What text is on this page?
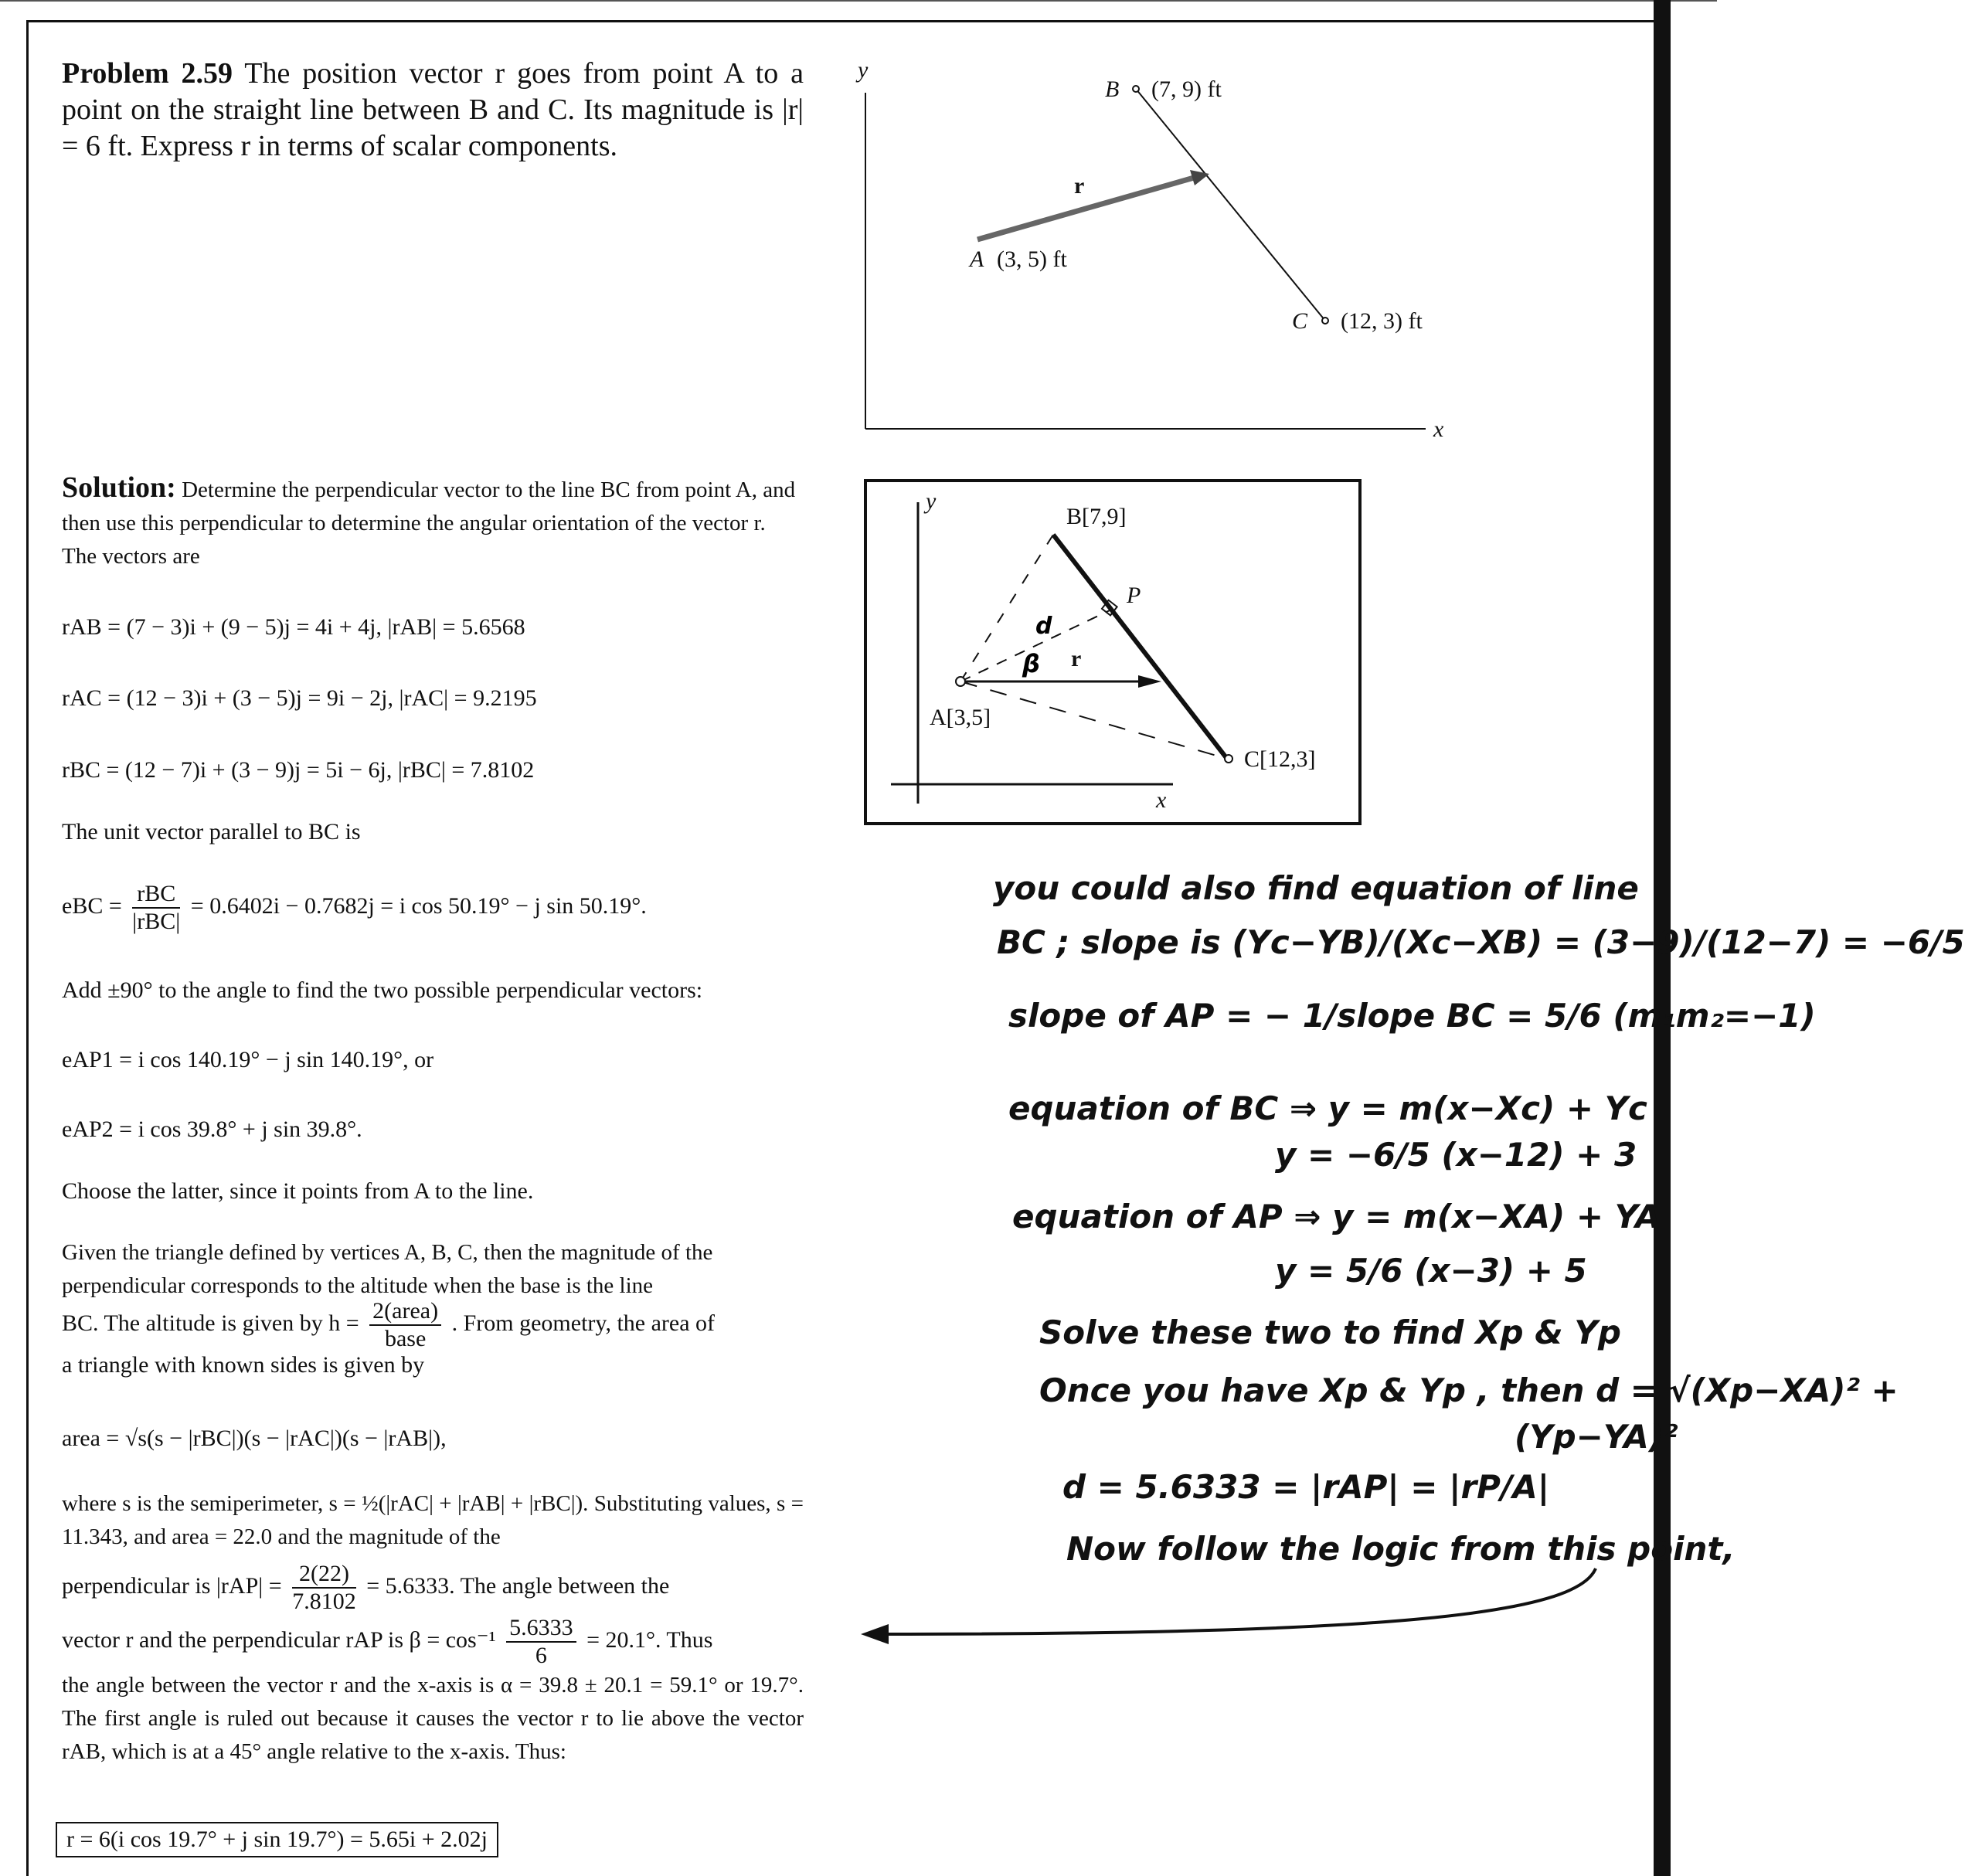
Problem 2.59 The position vector r goes from point A to a point on the straight line between B and C. Its magnitude is |r| = 6 ft. Express r in terms of scalar components.
y
x
B (7, 9) ft
A (3, 5) ft
C (12, 3) ft
r
y
x
B[7,9]
P
A[3,5]
C[12,3]
d
β r
Solution: Determine the perpendicular vector to the line BC from point A, and then use this perpendicular to determine the angular orientation of the vector r. The vectors are
rAB = (7 − 3)i + (9 − 5)j = 4i + 4j, |rAB| = 5.6568
rAC = (12 − 3)i + (3 − 5)j = 9i − 2j, |rAC| = 9.2195
rBC = (12 − 7)i + (3 − 9)j = 5i − 6j, |rBC| = 7.8102
The unit vector parallel to BC is
eBC = $\frac{\text{rBC}}{\text{|rBC|}} = 0.6402i - 0.7682j = i$ cos 50.19° − j sin 50.19°.
Add ±90° to the angle to find the two possible perpendicular vectors:
eAP1 = i cos 140.19° − j sin 140.19°, or
eAP2 = i cos 39.8° + j sin 39.8°.
Choose the latter, since it points from A to the line.
Given the triangle defined by vertices A, B, C, then the magnitude of the perpendicular corresponds to the altitude when the base is the line
BC. The altitude is given by $h = \frac{\text{2(area)}}{\text{base}}$ . From geometry, the area of
a triangle with known sides is given by
area = √s(s − |rBC|)(s − |rAC|)(s − |rAB|),
where s is the semiperimeter, s = ½(|rAC| + |rAB| + |rBC|). Substituting values, s = 11.343, and area = 22.0 and the magnitude of the
perpendicular is $|rAP| = \frac{2(22)}{7.8102} = 5.6333$. The angle between the
vector r and the perpendicular rAP is $\beta = \cos^{-1} \frac{5.6333}{6} = 20.1^\circ$. Thus
the angle between the vector r and the x-axis is α = 39.8 ± 20.1 = 59.1° or 19.7°. The first angle is ruled out because it causes the vector r to lie above the vector rAB, which is at a 45° angle relative to the x-axis. Thus:
r = 6(i cos 19.7° + j sin 19.7°) = 5.65i + 2.02j
you could also find equation of line
BC ; slope is (Yc−YB)/(Xc−XB) = (3−9)/(12−7) = −6/5
slope of AP = − 1/slope BC = 5/6 (m₁m₂=−1)
equation of BC ⇒ y = m(x−Xc) + Yc
y = −6/5 (x−12) + 3
equation of AP ⇒ y = m(x−XA) + YA
y = 5/6 (x−3) + 5
Solve these two to find Xp & Yp
Once you have Xp & Yp , then d = √(Xp−XA)² +
(Yp−YA)²
d = 5.6333 = |rAP| = |rP/A|
Now follow the logic from this point,
